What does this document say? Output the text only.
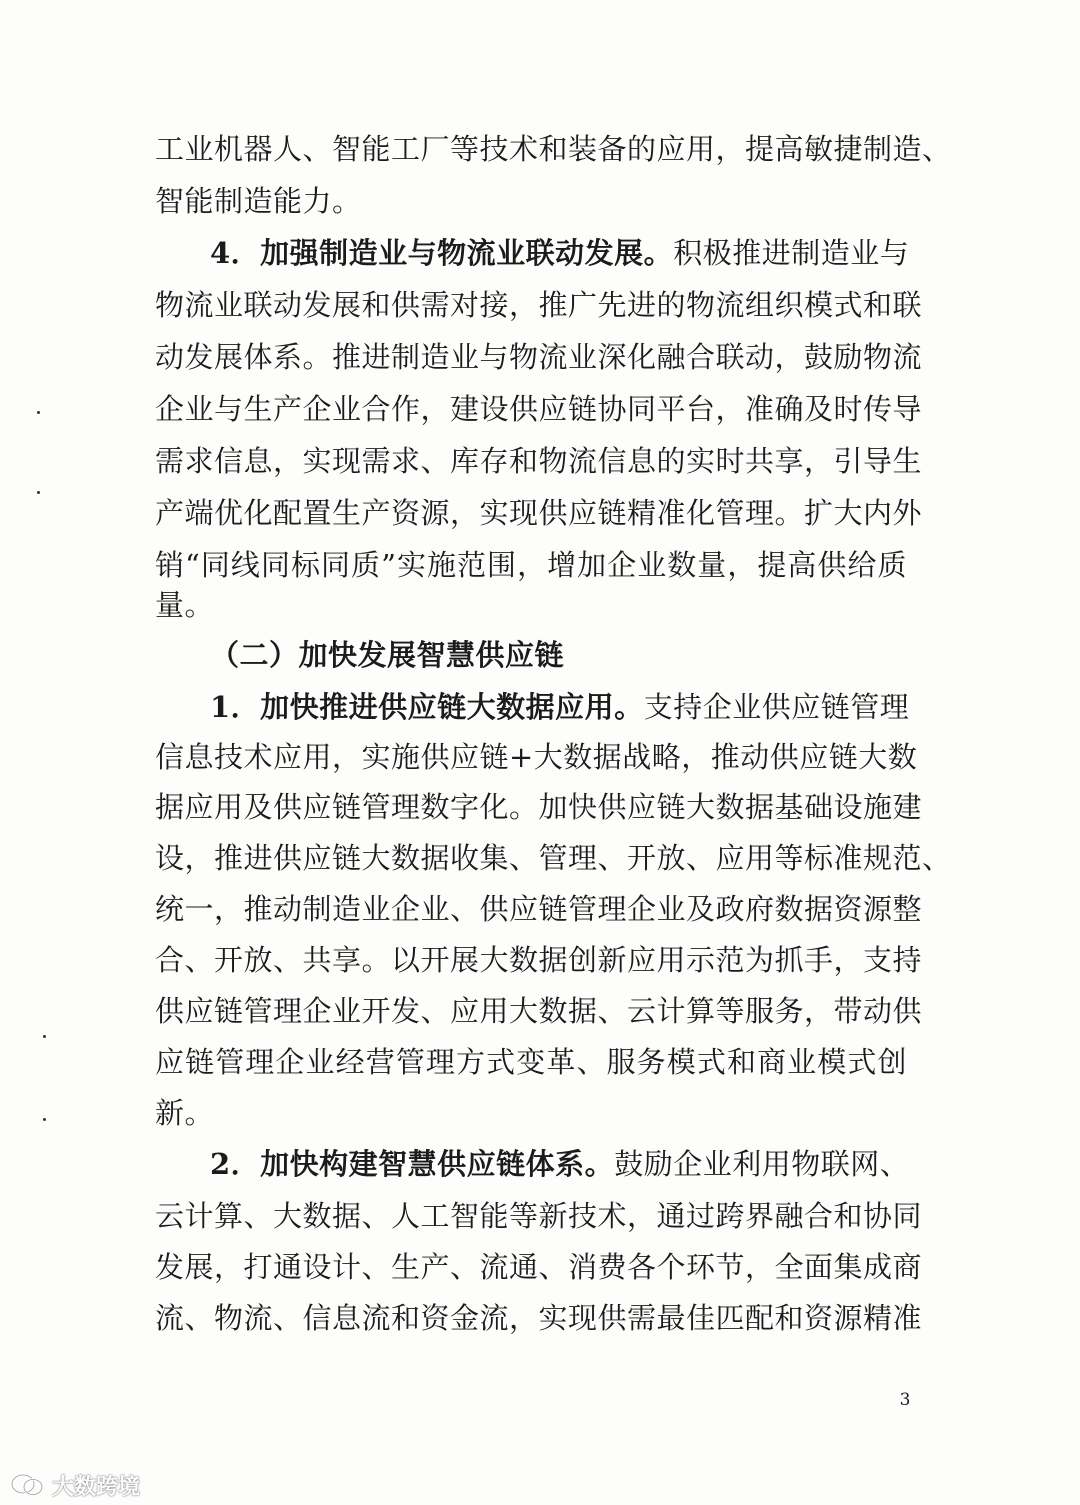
工业机器人、智能工厂等技术和装备的应用，提高敏捷制造、
智能制造能力。
4．加强制造业与物流业联动发展。积极推进制造业与
物流业联动发展和供需对接，推广先进的物流组织模式和联
动发展体系。推进制造业与物流业深化融合联动，鼓励物流
企业与生产企业合作，建设供应链协同平台，准确及时传导
需求信息，实现需求、库存和物流信息的实时共享，引导生
产端优化配置生产资源，实现供应链精准化管理。扩大内外
销“同线同标同质”实施范围，增加企业数量，提高供给质
量。
（二）加快发展智慧供应链
1．加快推进供应链大数据应用。支持企业供应链管理
信息技术应用，实施供应链+大数据战略，推动供应链大数
据应用及供应链管理数字化。加快供应链大数据基础设施建
设，推进供应链大数据收集、管理、开放、应用等标准规范、
统一，推动制造业企业、供应链管理企业及政府数据资源整
合、开放、共享。以开展大数据创新应用示范为抓手，支持
供应链管理企业开发、应用大数据、云计算等服务，带动供
应链管理企业经营管理方式变革、服务模式和商业模式创
新。
2．加快构建智慧供应链体系。鼓励企业利用物联网、
云计算、大数据、人工智能等新技术，通过跨界融合和协同
发展，打通设计、生产、流通、消费各个环节，全面集成商
流、物流、信息流和资金流，实现供需最佳匹配和资源精准
3
大数跨境
